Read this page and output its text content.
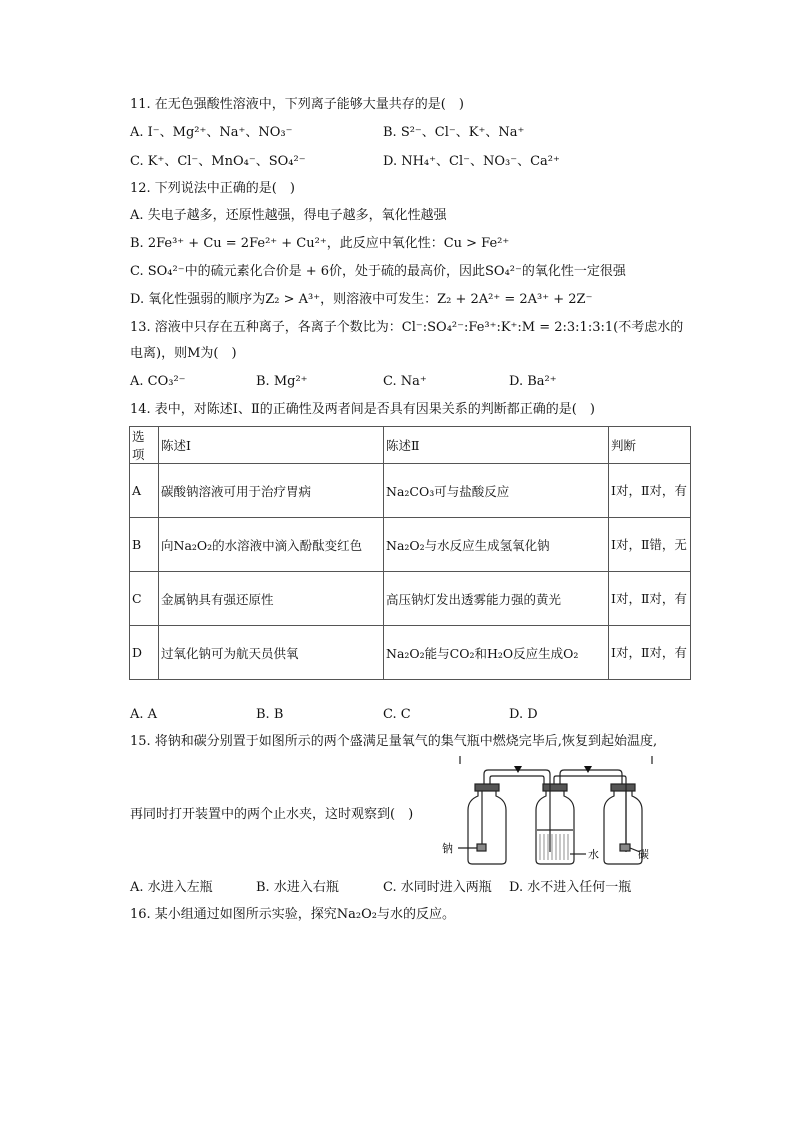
11. 在无色强酸性溶液中，下列离子能够大量共存的是(　)
A. I⁻、Mg²⁺、Na⁺、NO₃⁻	B. S²⁻、Cl⁻、K⁺、Na⁺
C. K⁺、Cl⁻、MnO₄⁻、SO₄²⁻	D. NH₄⁺、Cl⁻、NO₃⁻、Ca²⁺
12. 下列说法中正确的是(　)
A. 失电子越多，还原性越强，得电子越多，氧化性越强
B. 2Fe³⁺ + Cu = 2Fe²⁺ + Cu²⁺，此反应中氧化性：Cu > Fe²⁺
C. SO₄²⁻中的硫元素化合价是 + 6价，处于硫的最高价，因此SO₄²⁻的氧化性一定很强
D. 氧化性强弱的顺序为Z₂ > A³⁺，则溶液中可发生：Z₂ + 2A²⁺ = 2A³⁺ + 2Z⁻
13. 溶液中只存在五种离子，各离子个数比为：Cl⁻:SO₄²⁻:Fe³⁺:K⁺:M = 2:3:1:3:1(不考虑水的
电离)，则M为(　)
A. CO₃²⁻	B. Mg²⁺	C. Na⁺	D. Ba²⁺
14. 表中，对陈述Ⅰ、Ⅱ的正确性及两者间是否具有因果关系的判断都正确的是(　)
选项	陈述Ⅰ	陈述Ⅱ	判断
A	碳酸钠溶液可用于治疗胃病	Na₂CO₃可与盐酸反应	Ⅰ对，Ⅱ对，有
B	向Na₂O₂的水溶液中滴入酚酞变红色	Na₂O₂与水反应生成氢氧化钠	Ⅰ对，Ⅱ错，无
C	金属钠具有强还原性	高压钠灯发出透雾能力强的黄光	Ⅰ对，Ⅱ对，有
D	过氧化钠可为航天员供氧	Na₂O₂能与CO₂和H₂O反应生成O₂	Ⅰ对，Ⅱ对，有
A. A	B. B	C. C	D. D
15. 将钠和碳分别置于如图所示的两个盛满足量氧气的集气瓶中燃烧完毕后,恢复到起始温度,
再同时打开装置中的两个止水夹，这时观察到(　)
钠	水	碳
A. 水进入左瓶	B. 水进入右瓶	C. 水同时进入两瓶 D. 水不进入任何一瓶
16. 某小组通过如图所示实验，探究Na₂O₂与水的反应。
